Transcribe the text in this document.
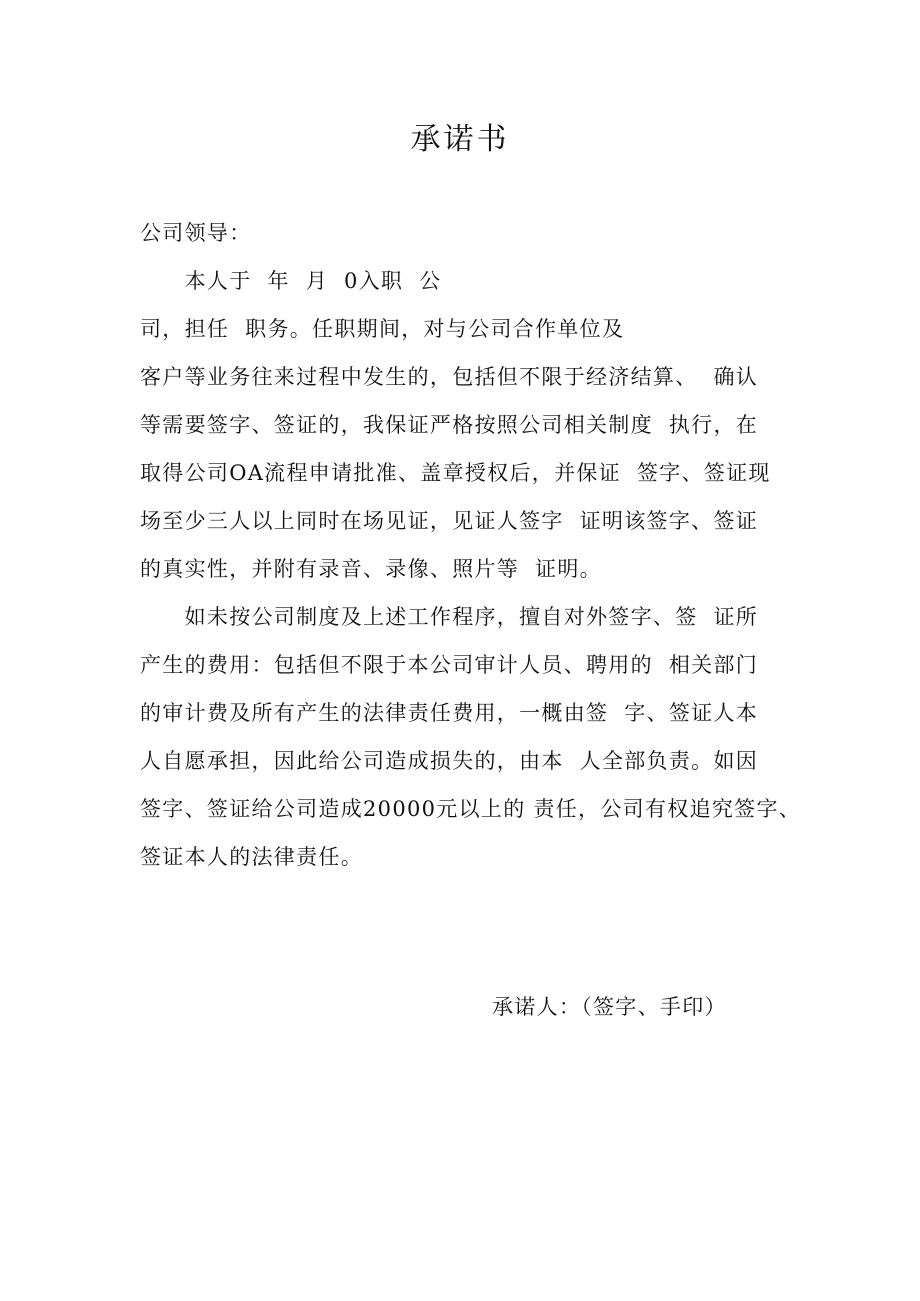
承诺书
公司领导：
　　本人于  年  月  0入职  公
司，担任  职务。任职期间，对与公司合作单位及
客户等业务往来过程中发生的，包括但不限于经济结算、  确认
等需要签字、签证的，我保证严格按照公司相关制度  执行，在
取得公司OA流程申请批准、盖章授权后，并保证  签字、签证现
场至少三人以上同时在场见证，见证人签字  证明该签字、签证
的真实性，并附有录音、录像、照片等  证明。
　　如未按公司制度及上述工作程序，擅自对外签字、签  证所
产生的费用：包括但不限于本公司审计人员、聘用的  相关部门
的审计费及所有产生的法律责任费用，一概由签  字、签证人本
人自愿承担，因此给公司造成损失的，由本  人全部负责。如因
签字、签证给公司造成20000元以上的 责任，公司有权追究签字、
签证本人的法律责任。
承诺人：（签字、手印）
